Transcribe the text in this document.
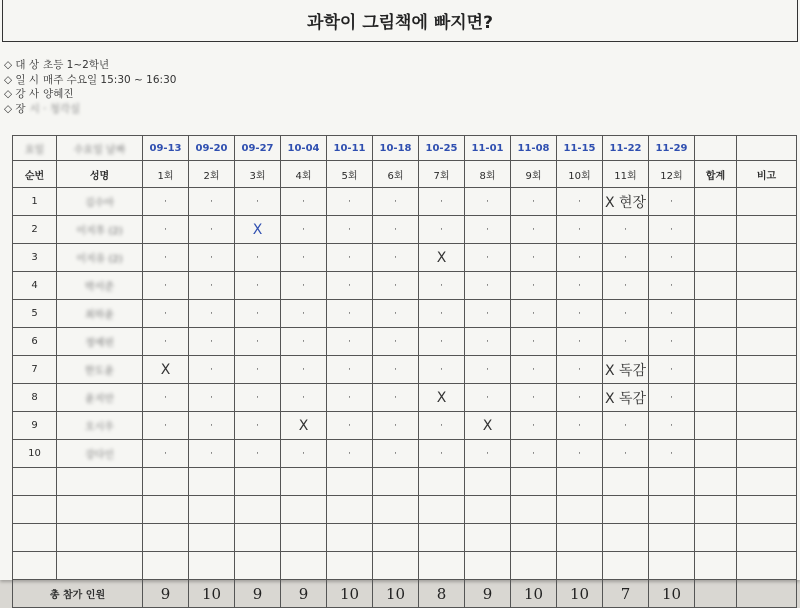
과학이 그림책에 빠지면?
◇ 대 상 초등 1~2학년
◇ 일 시 매주 수요일 15:30 ~ 16:30
◇ 강 사 양혜진
◇ 장 시 · 청각실
요일	수요일 날짜	09-13	09-20	09-27	10-04	10-11	10-18	10-25	11-01	11-08	11-15	11-22	11-29		
순번	성명	1회	2회	3회	4회	5회	6회	7회	8회	9회	10회	11회	12회	합계	비고
1	김수아	·	·	·	·	·	·	·	·	·	·	X 현장	·		
2	이지후 (2)	·	·	X	·	·	·	·	·	·	·	·	·		
3	이지유 (2)	·	·	·	·	·	·	X	·	·	·	·	·		
4	박서준	·	·	·	·	·	·	·	·	·	·	·	·		
5	최하윤	·	·	·	·	·	·	·	·	·	·	·	·		
6	정예린	·	·	·	·	·	·	·	·	·	·	·	·		
7	한도윤	X	·	·	·	·	·	·	·	·	·	X 독감	·		
8	윤지안	·	·	·	·	·	·	X	·	·	·	X 독감	·		
9	오시우	·	·	·	X	·	·	·	X	·	·	·	·		
10	강다인	·	·	·	·	·	·	·	·	·	·	·	·		

총 참가 인원		9	10	9	9	10	10	8	9	10	10	7	10		
